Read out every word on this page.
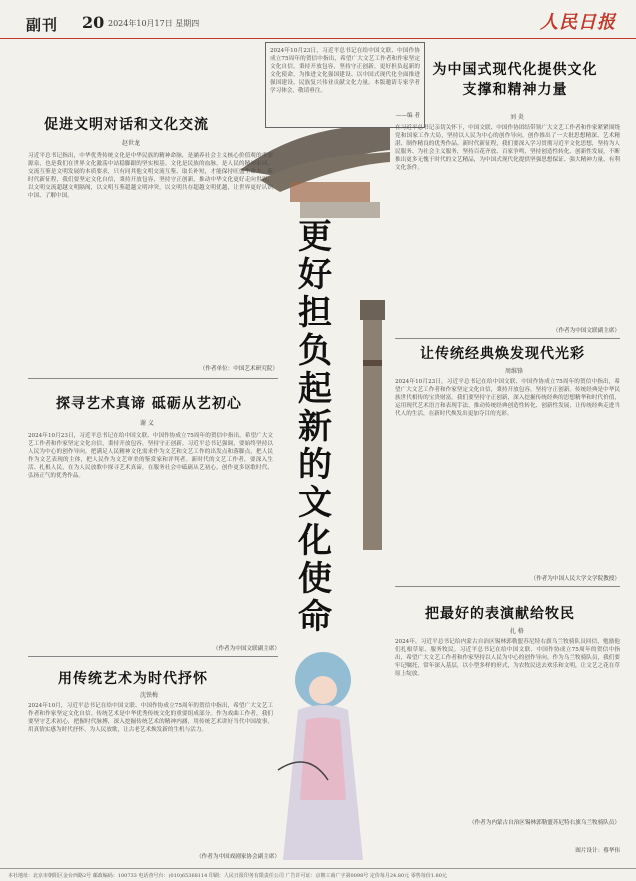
副刊 20 2024年10月17日 星期四	人民日报
2024年10月23日，习近平总书记在给中国文联、中国作协成立75周年的贺信中指出，希望广大文艺工作者和作家坚定文化自信，秉持开放包容，坚持守正创新，更好担负起新的文化使命，为推进文化强国建设、以中国式现代化全面推进强国建设、民族复兴伟业贡献文化力量。本版邀请专家学者学习体会，敬请垂注。
——编 者
更好担负起新的文化使命
促进文明对话和文化交流
赵世龙
习近平总书记指出，中华优秀传统文化是中华民族的精神命脉，是涵养社会主义核心价值观的重要源泉，也是我们在世界文化激荡中站稳脚跟的坚实根基。文化是民族的血脉，是人民的精神家园。交流互鉴是文明发展的本质要求，只有同其他文明交流互鉴、取长补短，才能保持旺盛生命力。新时代新征程，我们要坚定文化自信，秉持开放包容，坚持守正创新，推动中华文化更好走向世界，以文明交流超越文明隔阂，以文明互鉴超越文明冲突，以文明共存超越文明优越，让世界更好认识中国、了解中国。
（作者单位：中国艺术研究院）
探寻艺术真谛 砥砺从艺初心
谢 义
2024年10月23日，习近平总书记在给中国文联、中国作协成立75周年的贺信中指出，希望广大文艺工作者和作家坚定文化自信，秉持开放包容，坚持守正创新。习近平总书记强调，要始终坚持以人民为中心的创作导向，把满足人民精神文化需求作为文艺和文艺工作的出发点和落脚点，把人民作为文艺表现的主体，把人民作为文艺审美的鉴赏家和评判者。新时代的文艺工作者，要深入生活、扎根人民，在为人民放歌中探寻艺术真谛，在服务社会中砥砺从艺初心，创作更多讴歌时代、弘扬正气的优秀作品。
（作者为中国文联副主席）
用传统艺术为时代抒怀
沈铁梅
2024年10月，习近平总书记在给中国文联、中国作协成立75周年的贺信中指出，希望广大文艺工作者和作家坚定文化自信。传统艺术是中华优秀传统文化的重要组成部分。作为戏曲工作者，我们要坚守艺术初心，把握时代脉搏，深入挖掘传统艺术的精神内涵，用传统艺术讲好当代中国故事，用真情实感为时代抒怀、为人民放歌，让古老艺术焕发新的生机与活力。
（作者为中国戏剧家协会副主席）
为中国式现代化提供文化支撑和精神力量
刘 炎
在习近平总书记亲切关怀下，中国文联、中国作协团结带领广大文艺工作者和作家紧紧围绕党和国家工作大局，坚持以人民为中心的创作导向，创作推出了一大批思想精深、艺术精湛、制作精良的优秀作品。新时代新征程，我们要深入学习贯彻习近平文化思想，坚持为人民服务、为社会主义服务，坚持百花齐放、百家争鸣，坚持创造性转化、创新性发展，不断推出更多无愧于时代的文艺精品，为中国式现代化提供坚强思想保证、强大精神力量、有利文化条件。
（作者为中国文联副主席）
让传统经典焕发现代光彩
周维锋
2024年10月23日，习近平总书记在给中国文联、中国作协成立75周年的贺信中指出，希望广大文艺工作者和作家坚定文化自信，秉持开放包容，坚持守正创新。传统经典是中华民族世代相传的宝贵财富。我们要坚持守正创新，深入挖掘传统经典的思想精华和时代价值，运用现代艺术语言和表现手法，推动传统经典创造性转化、创新性发展，让传统经典走进当代人的生活，在新时代焕发出更加夺目的光彩。
（作者为中国人民大学文学院教授）
把最好的表演献给牧民
扎 格
2024年，习近平总书记给内蒙古自治区锡林郭勒盟苏尼特右旗乌兰牧骑队员回信，勉励他们扎根草原、服务牧民。习近平总书记在给中国文联、中国作协成立75周年的贺信中指出，希望广大文艺工作者和作家坚持以人民为中心的创作导向。作为乌兰牧骑队员，我们要牢记嘱托，常年深入基层，以小型多样的形式，为农牧民送去欢乐和文明，让文艺之花在草原上绽放。
（作者为内蒙古自治区锡林郭勒盟苏尼特右旗乌兰牧骑队员）
图片设计：蔡华伟
本社地址：北京市朝阳区金台西路2号 邮政编码：100733 电话查号台：(010)65368114 印刷：人民日报印务有限责任公司 广告许可证：京朝工商广字第0098号 定价每月24.80元 零售每份1.80元
